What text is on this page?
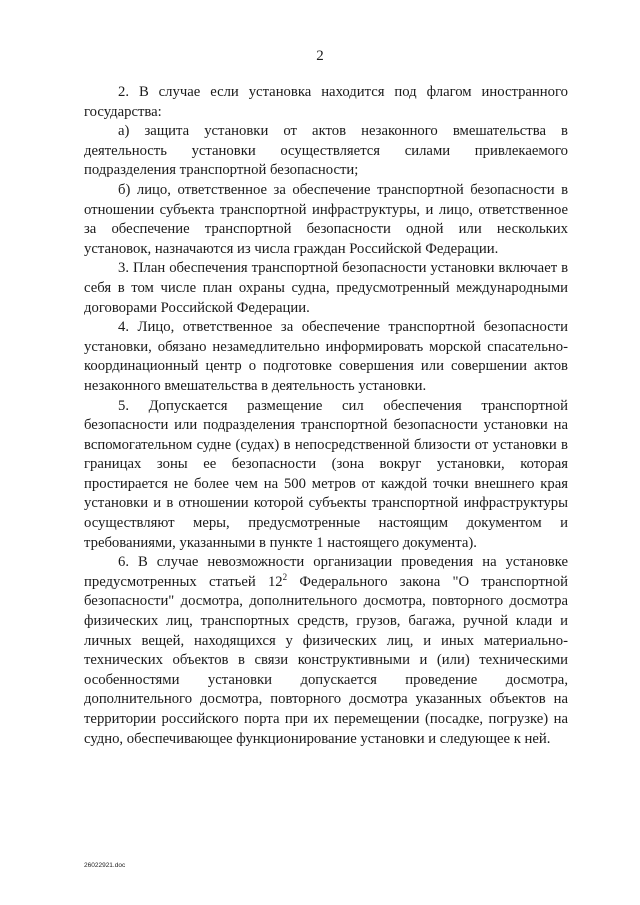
2

2. В случае если установка находится под флагом иностранного государства:

а) защита установки от актов незаконного вмешательства в деятельность установки осуществляется силами привлекаемого подразделения транспортной безопасности;

б) лицо, ответственное за обеспечение транспортной безопасности в отношении субъекта транспортной инфраструктуры, и лицо, ответственное за обеспечение транспортной безопасности одной или нескольких установок, назначаются из числа граждан Российской Федерации.

3. План обеспечения транспортной безопасности установки включает в себя в том числе план охраны судна, предусмотренный международными договорами Российской Федерации.

4. Лицо, ответственное за обеспечение транспортной безопасности установки, обязано незамедлительно информировать морской спасательно-координационный центр о подготовке совершения или совершении актов незаконного вмешательства в деятельность установки.

5. Допускается размещение сил обеспечения транспортной безопасности или подразделения транспортной безопасности установки на вспомогательном судне (судах) в непосредственной близости от установки в границах зоны ее безопасности (зона вокруг установки, которая простирается не более чем на 500 метров от каждой точки внешнего края установки и в отношении которой субъекты транспортной инфраструктуры осуществляют меры, предусмотренные настоящим документом и требованиями, указанными в пункте 1 настоящего документа).

6. В случае невозможности организации проведения на установке предусмотренных статьей $12^2$ Федерального закона "О транспортной безопасности" досмотра, дополнительного досмотра, повторного досмотра физических лиц, транспортных средств, грузов, багажа, ручной клади и личных вещей, находящихся у физических лиц, и иных материально-технических объектов в связи конструктивными и (или) техническими особенностями установки допускается проведение досмотра, дополнительного досмотра, повторного досмотра указанных объектов на территории российского порта при их перемещении (посадке, погрузке) на судно, обеспечивающее функционирование установки и следующее к ней.

26022921.doc
